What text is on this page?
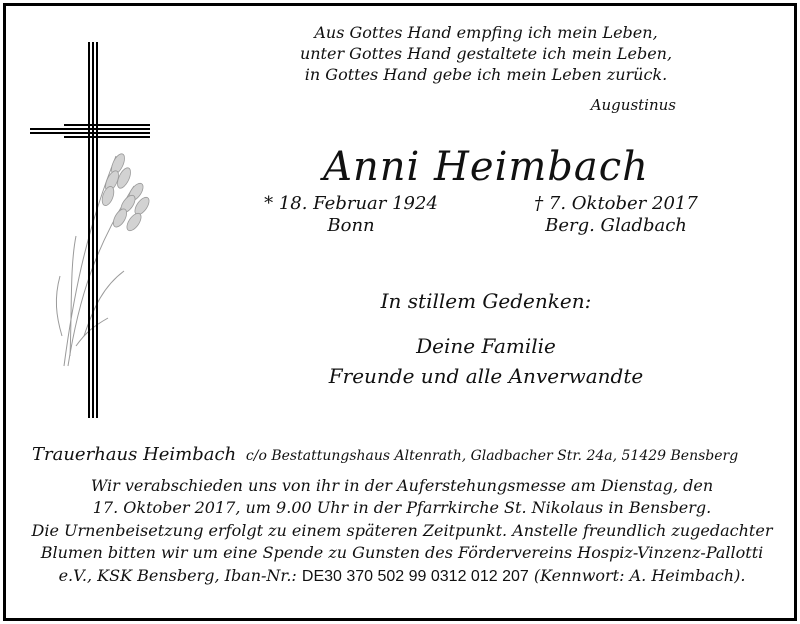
Aus Gottes Hand empfing ich mein Leben,
unter Gottes Hand gestaltete ich mein Leben,
in Gottes Hand gebe ich mein Leben zurück.
Augustinus
Anni Heimbach
* 18. Februar 1924
Bonn
† 7. Oktober 2017
Berg. Gladbach
In stillem Gedenken:
Deine Familie
Freunde und alle Anverwandte
Trauerhaus Heimbach c/o Bestattungshaus Altenrath, Gladbacher Str. 24a, 51429 Bensberg
Wir verabschieden uns von ihr in der Auferstehungsmesse am Dienstag, den
17. Oktober 2017, um 9.00 Uhr in der Pfarrkirche St. Nikolaus in Bensberg.
Die Urnenbeisetzung erfolgt zu einem späteren Zeitpunkt. Anstelle freundlich zugedachter
Blumen bitten wir um eine Spende zu Gunsten des Fördervereins Hospiz-Vinzenz-Pallotti
e.V., KSK Bensberg, Iban-Nr.: DE30 370 502 99 0312 012 207 (Kennwort: A. Heimbach).
